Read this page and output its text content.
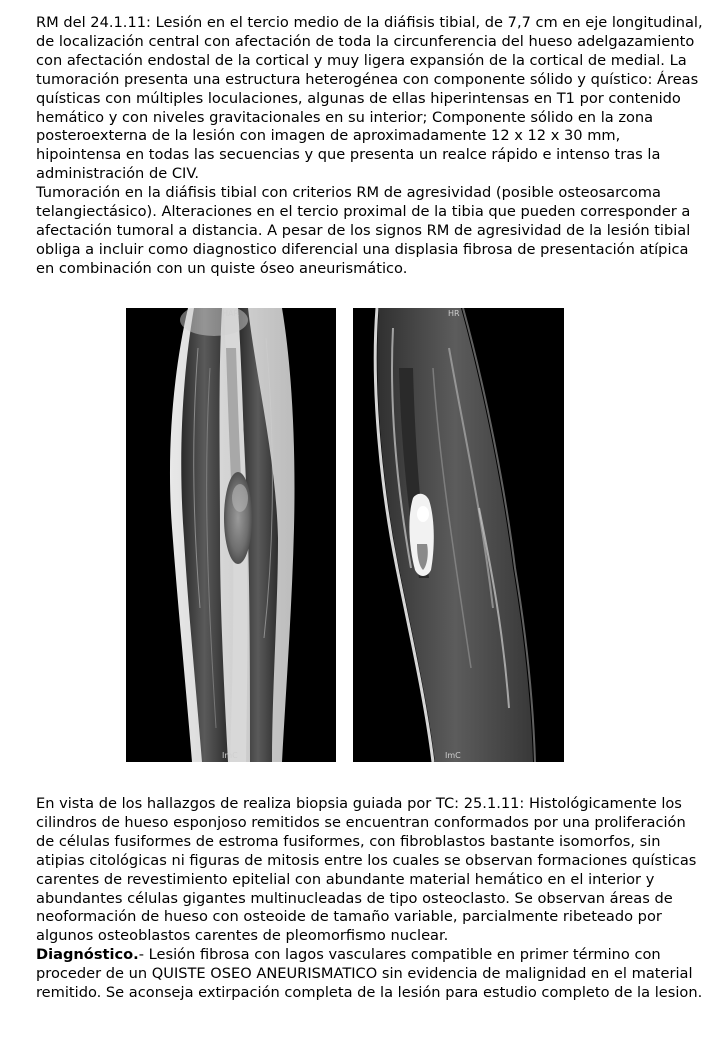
RM del 24.1.11: Lesión en el tercio medio de la diáfisis tibial, de 7,7 cm en eje longitudinal, de localización central con afectación de toda la circunferencia del hueso adelgazamiento con afectación endostal de la cortical y muy ligera expansión de la cortical de medial. La tumoración presenta una estructura heterogénea con componente sólido y quístico: Áreas quísticas con múltiples loculaciones, algunas de ellas hiperintensas en T1 por contenido hemático y con niveles gravitacionales en su interior; Componente sólido en la zona posteroexterna de la lesión con imagen de aproximadamente 12 x 12 x 30 mm, hipointensa en todas las secuencias y que presenta un realce rápido e intenso tras la administración de CIV.

Tumoración en la diáfisis tibial con criterios RM de agresividad (posible osteosarcoma telangiectásico). Alteraciones en el tercio proximal de la tibia que pueden corresponder a afectación tumoral a distancia. A pesar de los signos RM de agresividad de la lesión tibial obliga a incluir como diagnostico diferencial una displasia fibrosa de presentación atípica en combinación con un quiste óseo aneurismático.

HAR
ImC
HR
ImC

En vista de los hallazgos de realiza biopsia guiada por TC: 25.1.11: Histológicamente los cilindros de hueso esponjoso remitidos se encuentran conformados por una proliferación de células fusiformes de estroma fusiformes, con fibroblastos bastante isomorfos, sin atipias citológicas ni figuras de mitosis entre los cuales se observan formaciones quísticas carentes de revestimiento epitelial con abundante material hemático en el interior y abundantes células gigantes multinucleadas de tipo osteoclasto. Se observan áreas de neoformación de hueso con osteoide de tamaño variable, parcialmente ribeteado por algunos osteoblastos carentes de pleomorfismo nuclear.

Diagnóstico.- Lesión fibrosa con lagos vasculares compatible en primer término con proceder de un QUISTE OSEO ANEURISMATICO sin evidencia de malignidad en el material remitido. Se aconseja extirpación completa de la lesión para estudio completo de la lesion.
